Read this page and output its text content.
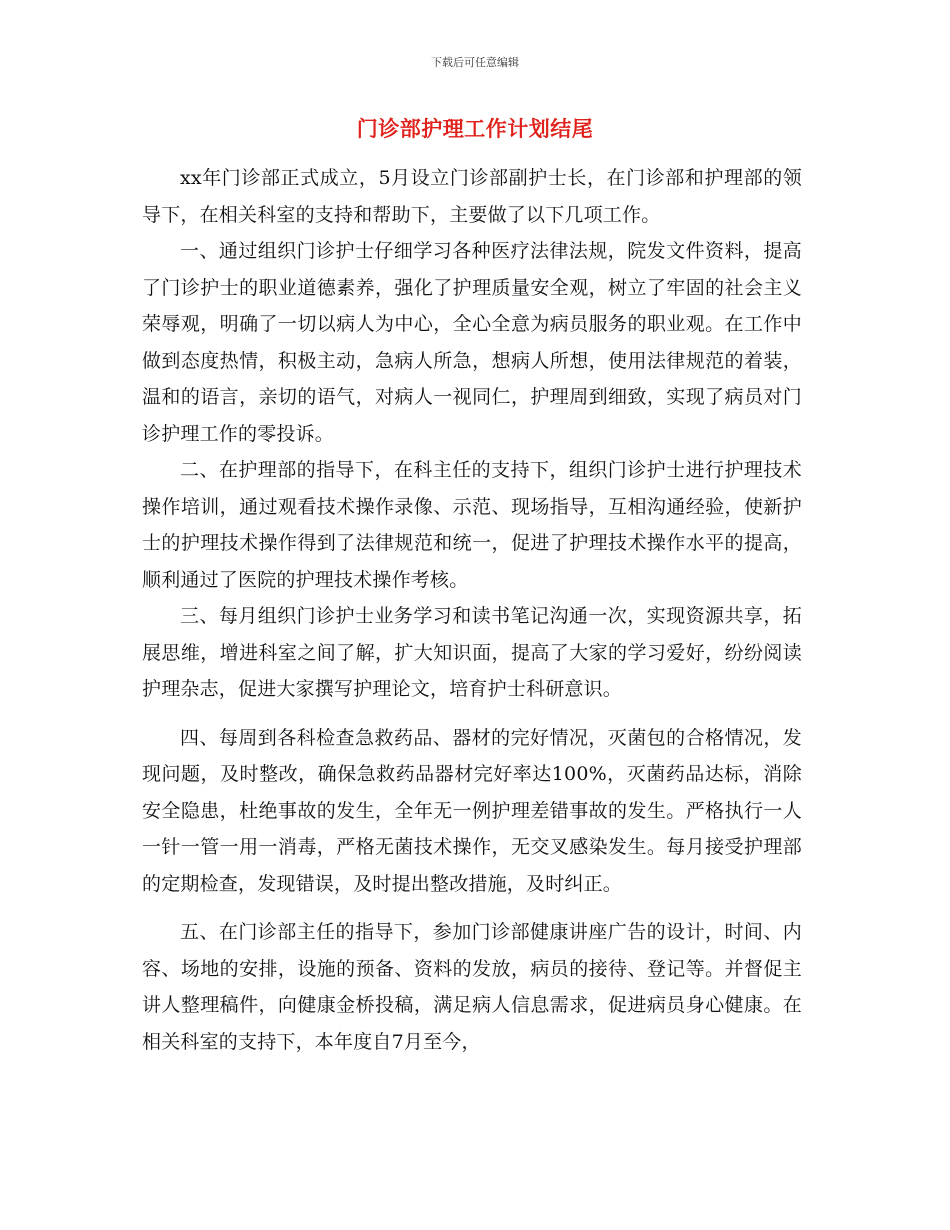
下载后可任意编辑
门诊部护理工作计划结尾

xx年门诊部正式成立，5月设立门诊部副护士长，在门诊部和护理部的领导下，在相关科室的支持和帮助下，主要做了以下几项工作。

一、通过组织门诊护士仔细学习各种医疗法律法规，院发文件资料，提高了门诊护士的职业道德素养，强化了护理质量安全观，树立了牢固的社会主义荣辱观，明确了一切以病人为中心，全心全意为病员服务的职业观。在工作中做到态度热情，积极主动，急病人所急，想病人所想，使用法律规范的着装，温和的语言，亲切的语气，对病人一视同仁，护理周到细致，实现了病员对门诊护理工作的零投诉。

二、在护理部的指导下，在科主任的支持下，组织门诊护士进行护理技术操作培训，通过观看技术操作录像、示范、现场指导，互相沟通经验，使新护士的护理技术操作得到了法律规范和统一，促进了护理技术操作水平的提高，顺利通过了医院的护理技术操作考核。

三、每月组织门诊护士业务学习和读书笔记沟通一次，实现资源共享，拓展思维，增进科室之间了解，扩大知识面，提高了大家的学习爱好，纷纷阅读护理杂志，促进大家撰写护理论文，培育护士科研意识。

四、每周到各科检查急救药品、器材的完好情况，灭菌包的合格情况，发现问题，及时整改，确保急救药品器材完好率达100%，灭菌药品达标，消除安全隐患，杜绝事故的发生，全年无一例护理差错事故的发生。严格执行一人一针一管一用一消毒，严格无菌技术操作，无交叉感染发生。每月接受护理部的定期检查，发现错误，及时提出整改措施，及时纠正。

五、在门诊部主任的指导下，参加门诊部健康讲座广告的设计，时间、内容、场地的安排，设施的预备、资料的发放，病员的接待、登记等。并督促主讲人整理稿件，向健康金桥投稿，满足病人信息需求，促进病员身心健康。在相关科室的支持下，本年度自7月至今，
